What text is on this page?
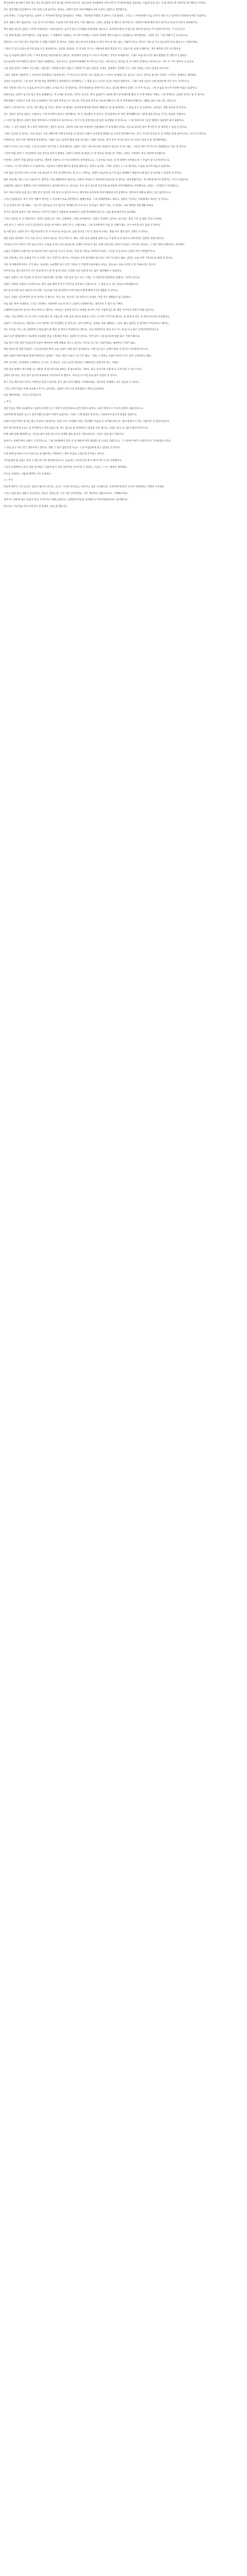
회사일에서 돌아와서 잠깐 쉬고 있는데 남편이 문자 하나를 보여주더라구요. 퇴근길에 지하철에서 어떤 여자가 자기한테 말을 걸었대요. 처음엔 길을 묻는 건 줄 알았는데 연락처를 물어봤다고 하네요.

저도 결혼생활 12년째라서 이런 일에 크게 놀라지는 않아요. 남편이 먼저 이야기해줬으니까 오히려 고맙다고 생각했어요.

근데 문제는 그 다음이었어요. 남편이 그 여자한테 번호를 알려줬다는 거예요. 거절하면 민망할 것 같아서 그냥 줬대요. 그리고 그 여자한테서 지금 문자가 계속 오고 있다면서 저한테 보여준 거였어요.

문자 내용은 별거 없었어요. 오늘 만나서 반가웠다, 다음에 커피 한잔 하자, 이런 내용이요. 남편은 답장을 안 했다고 하더라구요. 저한테 어떻게 해야 할지 물어보는데 순간 머리가 하얘졌어요.

제가 화를 내니까 남편은 오히려 억울하다는 표정이었어요. 숨기지 않고 다 말했는데 왜 화를 내냐고요. 솔직하게 말한 건 맞는데, 애초에 번호를 주지 말았어야 하는 거 아닌가요?

그날 밤에 한참을 이야기했어요. 남편 말로는 그 상황에서 거절하는 게 너무 어색했고, 어차피 연락할 생각이 없으니 상관없다고 생각했대요. 그런데 저는 그게 이해가 안 되더라구요.

결혼하고 나서 이런 일이 처음이라 더 당황스러웠던 것 같아요. 남편은 평소에 여자 문제로 속 썩인 적이 한 번도 없는 사람이거든요. 회식도 거의 안 가고 퇴근하면 바로 집에 오는 사람이에요.

그래서 더 믿고 있었는데 이번 일로 조금 흔들렸어요. 남편을 의심하는 건 아닌데, 모르는 사람한테 쉽게 번호를 주는 모습이 좀 실망스러웠어요. 제가 예민한 건지 모르겠어요.

다음 날 아침에 남편이 먼저 그 여자 번호를 차단하겠다고 했어요. 제 앞에서 문자를 다 지우고 차단하는 것까지 보여줬어요. 그래도 마음 한구석이 계속 찜찜한 건 어쩔 수가 없네요.

친구들한테 이야기했더니 반응이 정말 다양했어요. 어떤 친구는 솔직하게 말해준 게 어디냐고 하고, 어떤 친구는 번호를 준 것 자체가 문제라고 하더라구요. 저도 두 가지 생각이 다 들어요.

사실 남편 입장도 이해가 가긴 해요. 사람 많은 지하철 안에서 대놓고 거절하기가 쉽지 않았을 거예요. 상대방도 민망할 거고, 주변 사람들 시선도 있었을 테니까요.

그래도 결혼한 사람이면 그 자리에서 결혼했다고 말하면 되는 거 아닌가요? 반지도 끼고 있었는데 그 여자가 못 봤을 리도 없고요. 알고도 번호를 물어본 거라면 그 여자도 문제라고 생각해요.

남편은 다음부터는 그런 일이 생기면 바로 결혼했다고 말하겠다고 약속했어요. 그 말을 듣고 나니까 조금은 마음이 풀렸어요. 그래도 며칠 동안은 남편 휴대폰에 자꾸 눈이 가더라구요.

제가 이렇게 신경 쓰는 모습을 보이니까 남편도 눈치를 보는 것 같았어요. 먼저 휴대폰을 보여주기도 하고, 퇴근할 때마다 연락도 더 자주 하고요. 그런 모습을 보니까 미안한 마음도 들었어요.

한편으로는 남편이 숨기지 않고 바로 말해줬다는 게 고마운 일이라는 생각도 들어요. 만약 숨겼다가 나중에 제가 알게 됐다면 훨씬 더 크게 싸웠을 거예요. 그런 면에서는 남편을 믿어도 될 것 같아요.

결혼생활이 오래되다 보면 서로 익숙해져서 이런 일에 무뎌질 수도 있는데, 이번 일을 계기로 서로에 대해 다시 한 번 생각해보게 됐어요. 대화를 많이 나눈 것도 좋았고요.

남편이 그러더라구요. 자기는 제가 화를 낼 거라고 생각도 못 했대요. 솔직하게 말하면 당연히 괜찮다고 할 줄 알았대요. 그 말을 듣고 좀 웃겼어요. 남자들은 정말 단순한 것 같아요.

저는 남편이 번호를 줬다는 사실보다, 그게 아무렇지 않다고 생각했다는 게 더 서운했던 것 같아요. 제 입장에서 한 번만 생각해봤으면 그렇게 쉽게 번호를 주지는 않았을 거잖아요.

그 이야기를 했더니 남편이 한참 생각하더니 미안하다고 하더라구요. 자기가 제 입장이었으면 많이 속상했을 것 같다고요. 그 말 한마디에 그동안 쌓였던 서운함이 많이 풀렸어요.

이제는 그 일이 있었던 게 오히려 다행이라는 생각도 들어요. 덕분에 서로 어떤 부분에서 서운해하는지 알게 됐으니까요. 앞으로 비슷한 일이 생기면 더 잘 대처할 수 있을 것 같아요.

그래도 궁금한 건 있어요. 다른 분들은 이런 상황이면 어떻게 하셨을 것 같나요? 남편이 솔직하게 말해준 걸 고맙게 생각해야 하는 건지, 아니면 번호를 준 것 자체를 문제 삼아야 하는 건지 모르겠어요.

주변에서는 제가 너무 예민하게 반응했다는 사람도 있고, 당연히 화낼 만한 일이라는 사람도 있어요. 결국 부부 사이의 일이니까 저희가 알아서 잘 정리해야겠죠.

며칠이 지나고 나니 이제는 그냥 웃으면서 이야기할 수 있게 됐어요. 남편도 가끔 그때 이야기를 꺼내면서 장난을 치기도 해요. 그만큼 저희 사이가 다시 편해졌다는 뜻인 것 같아요.

그런데 며칠 전에 그 여자한테서 다른 번호로 문자가 왔대요. 남편이 차단한 걸 알았는지 새 번호로 연락을 한 거예요. 남편은 이번에도 바로 저한테 보여줬어요.

이번에는 남편이 직접 답장을 보냈어요. 결혼한 사람이니 더 이상 연락하지 말아달라고요. 그 문자를 보내는 걸 제 옆에서 보여줬는데 그 모습이 참 든든하더라구요.

그 뒤로는 더 이상 연락이 오지 않았어요. 처음부터 이렇게 했으면 좋았을 텐데 하는 생각도 들지만, 그래도 남편이 스스로 정리하는 모습을 보니까 마음이 놓였어요.

이번 일을 겪으면서 부부 사이에 가장 중요한 건 결국 솔직함이라는 걸 다시 느꼈어요. 남편이 처음부터 숨기지 않고 말해줬기 때문에 오해 없이 잘 넘어갈 수 있었던 것 같아요.

물론 처음에는 화도 나고 서운하기도 했지만, 서로 대화하면서 풀어가는 과정이 저희를 더 단단하게 만들어준 것 같아요. 결혼생활이라는 게 이렇게 하나씩 맞춰가는 거구나 싶었어요.

남편한테 고맙다고 말했더니 쑥스러워하면서도 좋아하더라구요. 앞으로도 무슨 일이 있으면 지금처럼 솔직하게 이야기해달라고 부탁했어요. 남편도 그러겠다고 약속했고요.

혹시 저와 비슷한 일을 겪고 계신 분이 있다면 너무 혼자 속 끓이지 마시고 배우자와 솔직하게 이야기해보셨으면 좋겠어요. 생각보다 대화로 풀리는 일이 많더라구요.

그리고 남편분들도 혹시 이런 상황이 생기면 그 자리에서 바로 결혼했다고 말해주세요. 그게 상대방한테도 예의고, 집에서 기다리는 아내한테도 예의인 것 같아요.

긴 글 읽어주셔서 감사해요. 그냥 어디 털어놓을 곳이 없어서 적어봤는데 쓰다 보니 제 마음도 정리가 되는 것 같네요. 다들 행복한 결혼생활 하세요.

추가로 댓글에 남편이 너무 착하다는 이야기가 많아서 남편한테 보여줬더니 엄청 뿌듯해하더라구요. 다들 좋게 봐주셔서 감사해요.

그리고 번호를 준 건 잘못이라는 댓글도 많았는데 그것도 남편한테 그대로 보여줬어요. 남편도 반성하고 있어요. 앞으로는 절대 그런 일 없을 거라고 하네요.

어떤 분이 그 여자가 누군지 궁금하다고 하셨는데 저희도 전혀 모르는 사람이에요. 그냥 지하철에서 처음 본 사람이래요. 다시 마주칠 일은 없을 것 같아요.

또 어떤 분은 남편이 혹시 저를 떠보려고 한 거 아니냐고 하셨는데, 남편 성격상 그런 건 절대 아니에요. 정말 아무 생각 없이 그랬던 거 같아요.

결혼 12년 차인데도 아직 서로 모르는 부분이 있다는 게 신기하기도 해요. 이번 일로 남편에 대해 조금 더 알게 된 것 같아서 나쁘지만은 않았던 경험이었어요.

아이들이 아직 어려서 이런 일로 다투는 모습을 보이고 싶지 않았는데, 다행히 아이들이 잠든 뒤에 이야기를 나눠서 아이들은 아무것도 몰라요. 그 점은 정말 다행이라고 생각해요.

요즘은 주말마다 남편이랑 아이들이랑 같이 나들이를 다니고 있어요. 이번 일 이후로 가족끼리 보내는 시간을 더 늘리자고 남편이 먼저 제안했거든요.

지난 주말에는 근처 공원에 가서 도시락도 먹고 자전거도 탔어요. 아이들이 너무 좋아해서 앞으로도 자주 다니려고 해요. 남편도 요즘 부쩍 가정적으로 변한 것 같아요.

이런 게 전화위복이라는 건가 봐요. 처음에는 속상했던 일이 결국 가족을 더 가깝게 만들어줬으니까요. 앞으로도 서로 아끼면서 잘 지내보려고 합니다.

마지막으로 댓글 달아주신 모든 분들께 다시 한 번 감사드려요. 다양한 의견 덕분에 저도 많이 생각해볼 수 있었어요.

가끔은 남편이 너무 무심한 것 같아서 서운할 때도 있지만, 이번 일을 겪고 나니 그래도 이 사람이랑 결혼하길 잘했다는 생각이 들어요.

남편도 저한테 고맙다고 하더라구요. 화가 났을 텐데 끝까지 이야기를 들어줘서 고맙다고요. 그 말을 듣고 저도 마음이 따뜻해졌어요.

앞으로 또 어떤 일이 생길지 모르지만, 지금처럼 서로 솔직하게 이야기하면서 함께 헤쳐나가면 괜찮을 것 같아요.

오늘도 남편은 퇴근하면서 꽃 한 송이를 사 왔어요. 무슨 날도 아닌데 그냥 생각나서 샀대요. 이런 작은 변화들이 참 고맙네요.

다들 좋은 하루 보내세요. 그리고 사랑하는 사람에게 오늘 한 번 더 고맙다고 말해보세요. 생각보다 큰 힘이 될 거예요.

오랜만에 남편이랑 둘이서 저녁 데이트도 했어요. 아이들은 친정에 맡기고 연애할 때 자주 가던 식당에 갔는데, 옛날 이야기를 하면서 한참 웃었어요.

그때는 서로 바쁘게 사느라 이런 시간을 많이 못 가졌는데, 이번 일을 계기로 둘만의 시간도 더 자주 가지기로 했어요. 한 달에 한 번은 꼭 데이트하기로 약속했어요.

남편이 그러더라구요. 결혼하고 나서 저한테 너무 무심했던 것 같다고요. 일이 바쁘다는 핑계로 저랑 대화하는 시간도 많이 줄었던 것 같다면서 미안하다고 했어요.

저도 아이들 키우느라 남편한테 신경을 많이 못 썼던 것 같아서 미안하다고 했어요. 서로 미안하다고 하다 보니 어느새 둘 다 눈물이 글썽글썽하더라구요.

12년 동안 함께하면서 서로에게 익숙해진 만큼 소홀해진 부분도 있었던 것 같아요. 이번 일이 그걸 돌아보게 해준 좋은 기회가 됐어요.

다음 달이 저희 결혼기념일인데 남편이 벌써부터 여행 계획을 세우고 있어요. 어디로 가는지는 비밀이래요. 벌써부터 기대가 돼요.

예전 같았으면 결혼기념일도 그냥 넘어갔을 텐데, 요즘 남편이 정말 많이 달라졌어요. 주변 친구들도 남편이 변한 것 같다고 부러워하더라구요.

물론 사람이 하루아침에 완전히 변하지는 않겠죠. 가끔은 예전 모습이 나오기도 해요. 그래도 노력하는 모습이 보여서 저도 같이 노력하려고 해요.

부부 사이라는 게 한쪽만 노력해서는 안 되는 것 같아요. 서로 조금씩 양보하고 이해하면서 맞춰가야 하는 거겠죠.

이번 일을 통해서 제가 배운 건, 서운한 게 있으면 바로 말하는 게 중요하다는 거예요. 참고 넘어가면 나중에 더 크게 터질 수 있으니까요.

남편도 앞으로는 무슨 일이 있으면 바로바로 이야기하기로 했어요. 저희 둘 다 이번 일로 많이 성장한 것 같아요.

혹시 지금 배우자와 사이가 서먹하신 분들이 있다면, 용기 내서 먼저 대화를 시작해보세요. 생각보다 상대방도 같은 마음일 수 있어요.

그리고 결혼기념일 여행 다녀와서 후기도 남길게요. 남편이 어떤 곳을 준비했을지 정말 궁금하네요.

다들 행복하세요. 그리고 감사합니다.

+ 추가

결혼기념일 여행 다녀왔어요! 남편이 준비한 곳은 저희가 신혼여행으로 갔던 제주도였어요. 12년 만에 다시 가니까 감회가 새롭더라구요.

신혼여행 때 묵었던 숙소도 찾아가봤는데 많이 바뀌어 있었어요. 그래도 그때 걸었던 바닷가는 그대로여서 둘이서 한참을 걸었어요.

남편이 바닷가에서 편지를 줬는데 읽다가 울었어요. 12년 동안 고마웠던 것들, 미안했던 것들을 다 적어놨더라구요. 평소에 말수가 적은 사람이라 더 감동이었어요.

편지 마지막에 앞으로도 잘 부탁한다고 적혀 있었는데, 저도 앞으로 잘 부탁한다고 답장을 써서 줬어요. 남편도 읽고 눈시울이 붉어지더라구요.

여행 내내 정말 행복했어요. 아이들 없이 둘만 있으니까 연애할 때로 돌아간 기분이었어요. 사진도 엄청 많이 찍었어요.

돌아오는 비행기에서 남편이 그러더라구요. 그때 지하철에서 번호 준 일 때문에 제가 화냈던 게 오히려 고맙다고요. 그 덕분에 저희가 이렇게 다시 가까워졌으니까요.

그 말을 듣고 저도 같은 생각이라고 했어요. 정말 그 일이 없었으면 지금도 그냥 무덤덤하게 살고 있었을 것 같아요.

이제 집에 돌아와서 다시 일상으로 돌아왔지만, 여행에서 느꼈던 마음을 오래오래 간직하고 싶어요.

아이들한테 줄 선물도 잔뜩 사 왔는데 너무 좋아하더라구요. 다음에는 아이들이랑 같이 제주도에 가기로 약속했어요.

그동안 응원해주신 분들 정말 감사해요. 덕분에 용기 내서 남편이랑 이야기할 수 있었고, 지금은 그 어느 때보다 행복해요.

모두들 사랑하는 사람과 행복한 시간 보내세요.

++ 추가

댓글에 제주도 어디 갔냐는 질문이 많아서 남겨요. 숙소는 서귀포 쪽이었고, 바닷가는 중문 근처였어요. 신혼여행 때 갔던 곳이라 저희한테는 특별한 곳이에요.

그리고 남편 편지 내용이 궁금하다는 분들도 계셨는데, 그건 저만 간직할게요. 너무 개인적인 내용이라서요. 이해해주세요.

생각지도 못하게 많은 분들이 관심 가져주셔서 정말 놀랐어요. 남편한테 댓글을 보여줬더니 부끄러워하면서도 좋아했어요.

앞으로도 지금처럼 서로 아끼면서 잘 살게요. 다들 감사합니다.
